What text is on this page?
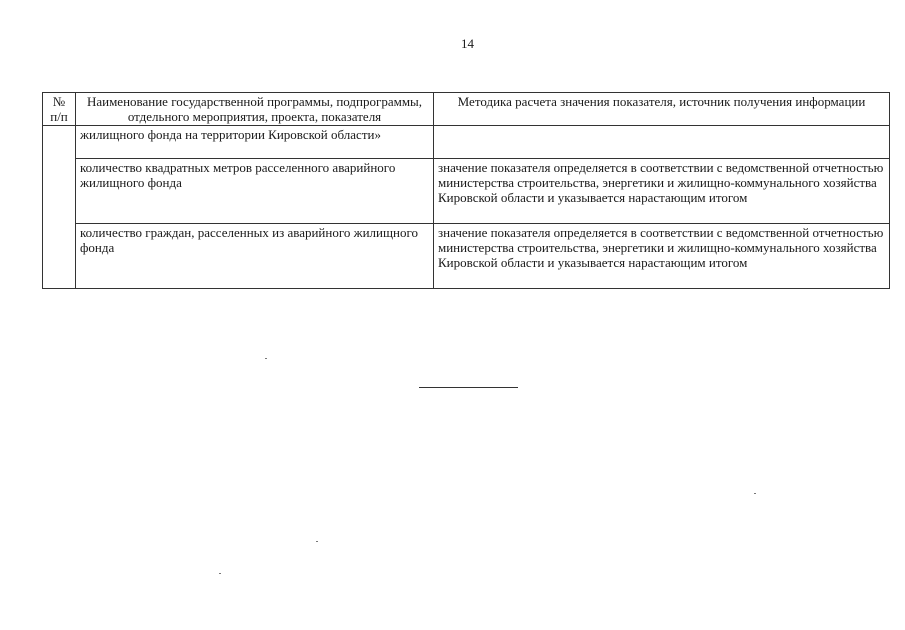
14
№ п/п	Наименование государственной программы, подпрограммы, отдельного мероприятия, проекта, показателя	Методика расчета значения показателя, источник получения информации
	жилищного фонда на территории Кировской области»	
	количество квадратных метров расселенного аварийного жилищного фонда	значение показателя определяется в соответствии с ведомственной отчетностью министерства строительства, энергетики и жилищно-коммунального хозяйства Кировской области и указывается нарастающим итогом
	количество граждан, расселенных из аварийного жилищного фонда	значение показателя определяется в соответствии с ведомственной отчетностью министерства строительства, энергетики и жилищно-коммунального хозяйства Кировской области и указывается нарастающим итогом
